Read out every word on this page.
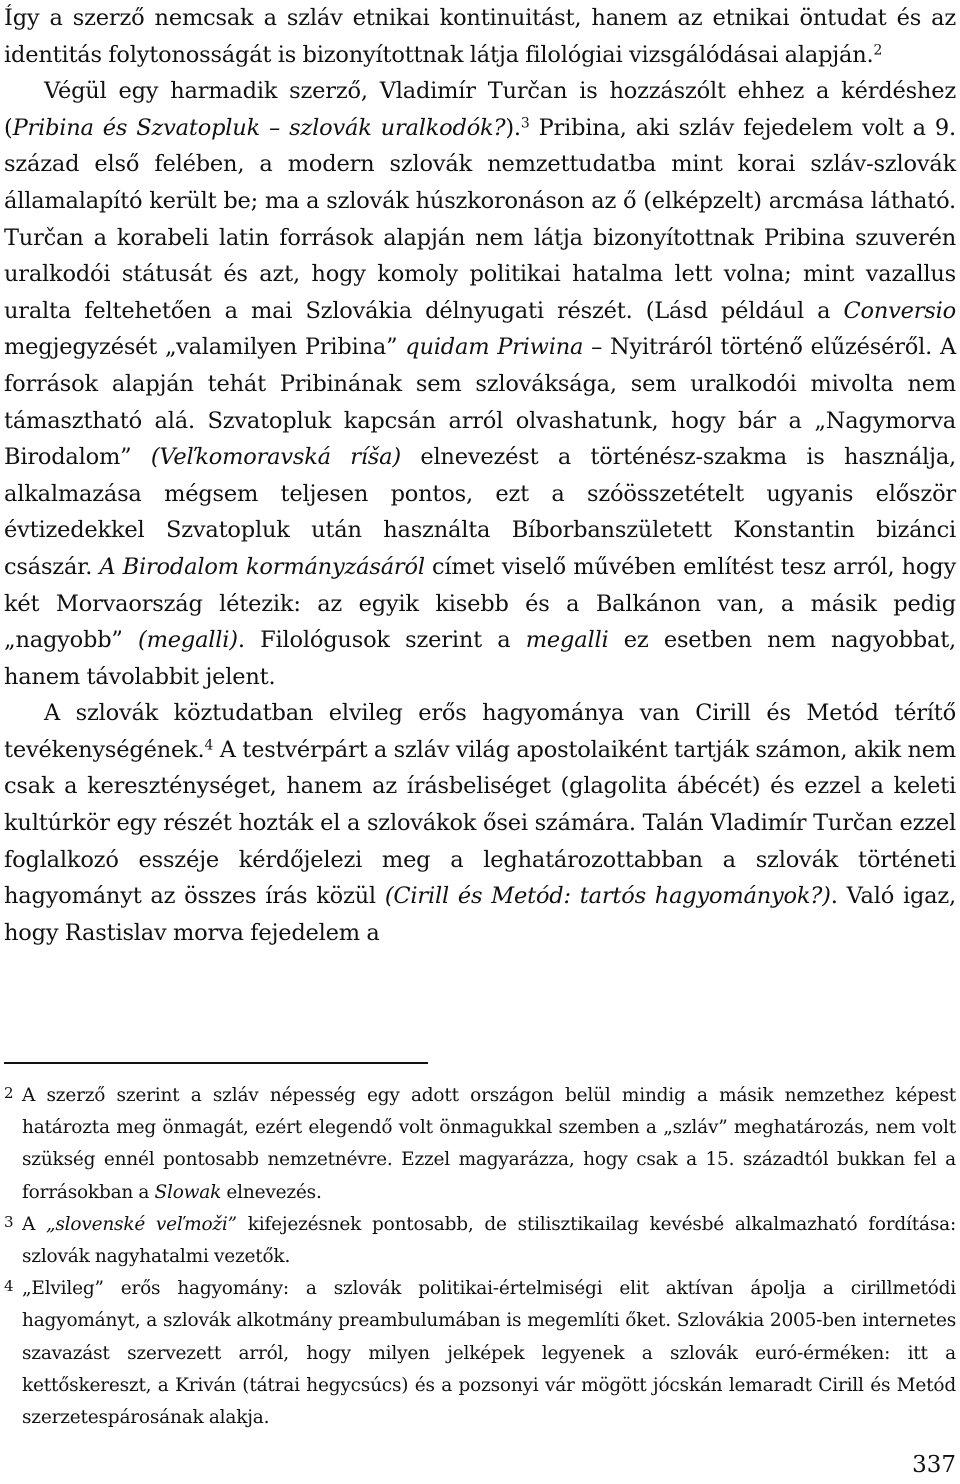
Így a szerző nemcsak a szláv etnikai kontinuitást, hanem az etnikai öntudat és az identitás folytonosságát is bizonyítottnak látja filológiai vizsgálódásai alapján.$^2$

Végül egy harmadik szerző, Vladimír Turčan is hozzászólt ehhez a kérdéshez (Pribina és Szvatopluk – szlovák uralkodók?).$^3$ Pribina, aki szláv fejedelem volt a 9. század első felében, a modern szlovák nemzettudatba mint korai szláv-szlovák államalapító került be; ma a szlovák húszkoronáson az ő (elképzelt) arcmása látható. Turčan a korabeli latin források alapján nem látja bizonyítottnak Pribina szuverén uralkodói státusát és azt, hogy komoly politikai hatalma lett volna; mint vazallus uralta feltehetően a mai Szlovákia délnyugati részét. (Lásd például a Conversio megjegyzését „valamilyen Pribina” quidam Priwina – Nyitráról történő elűzéséről. A források alapján tehát Pribinának sem szlováksága, sem uralkodói mivolta nem támasztható alá. Szvatopluk kapcsán arról olvashatunk, hogy bár a „Nagymorva Birodalom” (Veľkomoravská ríša) elnevezést a történész-szakma is használja, alkalmazása mégsem teljesen pontos, ezt a szóösszetételt ugyanis először évtizedekkel Szvatopluk után használta Bíborbanszületett Konstantin bizánci császár. A Birodalom kormányzásáról címet viselő művében említést tesz arról, hogy két Morvaország létezik: az egyik kisebb és a Balkánon van, a másik pedig „nagyobb” (megalli). Filológusok szerint a megalli ez esetben nem nagyobbat, hanem távolabbit jelent.

A szlovák köztudatban elvileg erős hagyománya van Cirill és Metód térítő tevékenységének.$^4$ A testvérpárt a szláv világ apostolaiként tartják számon, akik nem csak a kereszténységet, hanem az írásbeliséget (glagolita ábécét) és ezzel a keleti kultúrkör egy részét hozták el a szlovákok ősei számára. Talán Vladimír Turčan ezzel foglalkozó esszéje kérdőjelezi meg a leghatározottabban a szlovák történeti hagyományt az összes írás közül (Cirill és Metód: tartós hagyományok?). Való igaz, hogy Rastislav morva fejedelem a

2 A szerző szerint a szláv népesség egy adott országon belül mindig a másik nemzethez képest határozta meg önmagát, ezért elegendő volt önmagukkal szemben a „szláv” meghatározás, nem volt szükség ennél pontosabb nemzetnévre. Ezzel magyarázza, hogy csak a 15. századtól bukkan fel a forrásokban a Slowak elnevezés.
3 A „slovenské veľmoži” kifejezésnek pontosabb, de stilisztikailag kevésbé alkalmazható fordítása: szlovák nagyhatalmi vezetők.
4 „Elvileg” erős hagyomány: a szlovák politikai-értelmiségi elit aktívan ápolja a cirillmetódi hagyományt, a szlovák alkotmány preambulumában is megemlíti őket. Szlovákia 2005-ben internetes szavazást szervezett arról, hogy milyen jelképek legyenek a szlovák euró-érméken: itt a kettőskereszt, a Kriván (tátrai hegycsúcs) és a pozsonyi vár mögött jócskán lemaradt Cirill és Metód szerzetespárosának alakja.
337
